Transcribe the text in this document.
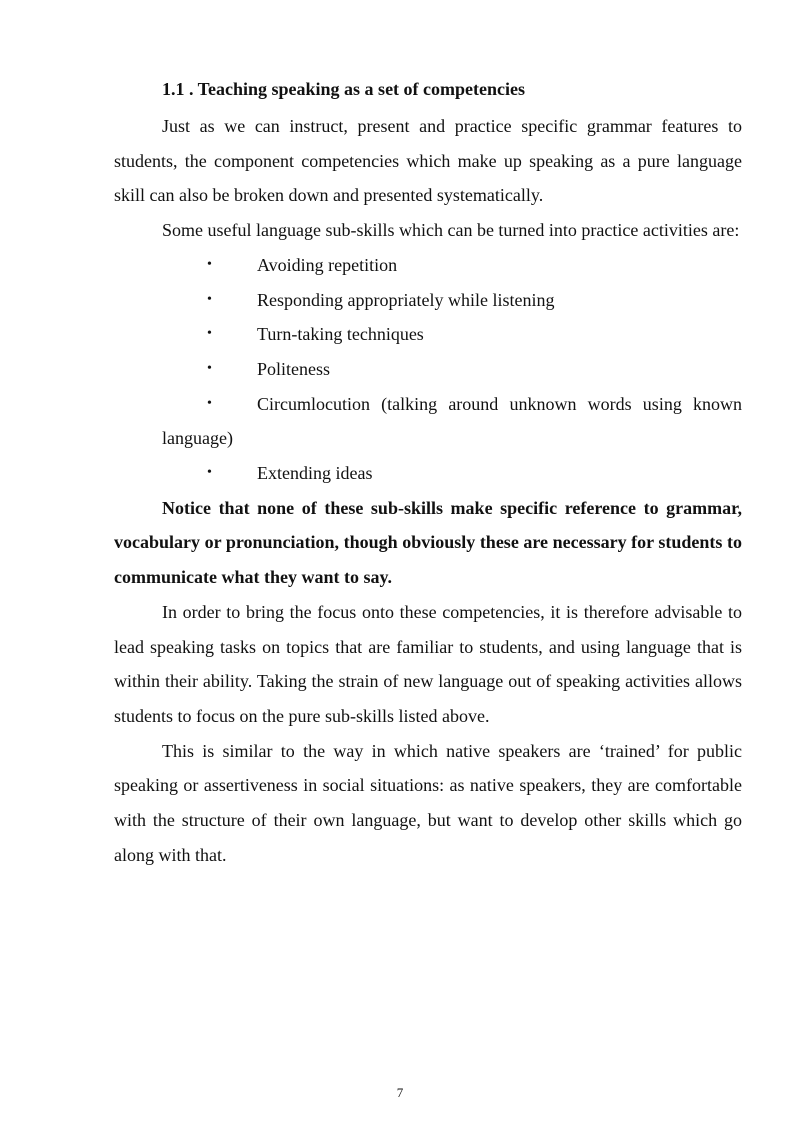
1.1 . Teaching speaking as a set of competencies

Just as we can instruct, present and practice specific grammar features to students, the component competencies which make up speaking as a pure language skill can also be broken down and presented systematically.

Some useful language sub-skills which can be turned into practice activities are:

•	Avoiding repetition
•	Responding appropriately while listening
•	Turn-taking techniques
•	Politeness
•	Circumlocution (talking around unknown words using known language)
•	Extending ideas

Notice that none of these sub-skills make specific reference to grammar, vocabulary or pronunciation, though obviously these are necessary for students to communicate what they want to say.

In order to bring the focus onto these competencies, it is therefore advisable to lead speaking tasks on topics that are familiar to students, and using language that is within their ability. Taking the strain of new language out of speaking activities allows students to focus on the pure sub-skills listed above.

This is similar to the way in which native speakers are ‘trained’ for public speaking or assertiveness in social situations: as native speakers, they are comfortable with the structure of their own language, but want to develop other skills which go along with that.

7
